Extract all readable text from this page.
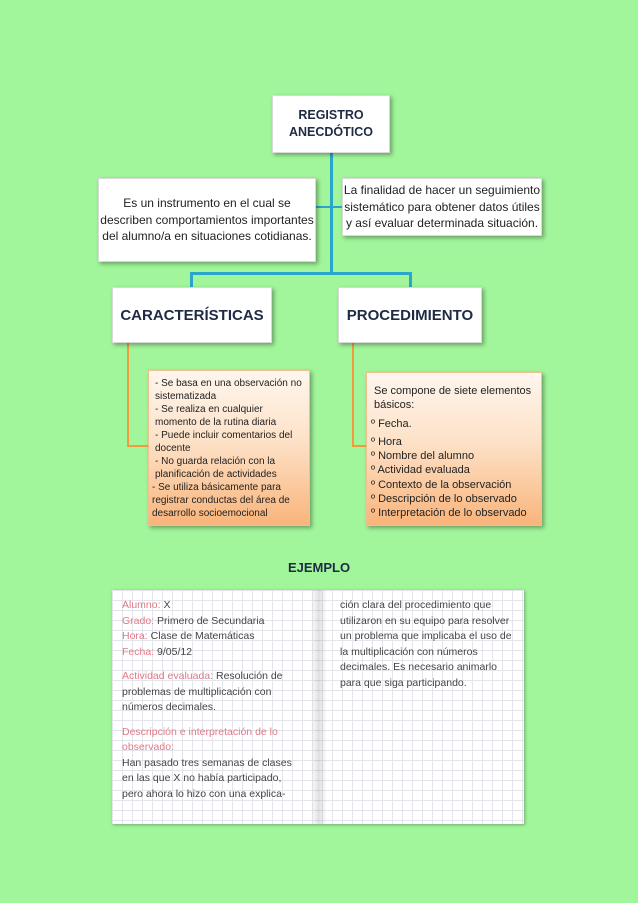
REGISTRO
ANECDÓTICO
Es un instrumento en el cual se describen comportamientos importantes del alumno/a en situaciones cotidianas.
La finalidad de hacer un seguimiento sistemático para obtener datos útiles y así evaluar determinada situación.
CARACTERÍSTICAS	PROCEDIMIENTO
- Se basa en una observación no sistematizada
- Se realiza en cualquier momento de la rutina diaria
- Puede incluir comentarios del docente
- No guarda relación con la planificación de actividades
- Se utiliza básicamente para registrar conductas del área de desarrollo socioemocional
Se compone de siete elementos básicos:
º Fecha.
º Hora
º Nombre del alumno
º Actividad evaluada
º Contexto de la observación
º Descripción de lo observado
º Interpretación de lo observado
EJEMPLO
Alumno: X
Grado: Primero de Secundaria
Hora: Clase de Matemáticas
Fecha: 9/05/12
Actividad evaluada: Resolución de problemas de multiplicación con números decimales.
Descripción e interpretación de lo observado:
Han pasado tres semanas de clases en las que X no había participado, pero ahora lo hizo con una explica-
ción clara del procedimiento que utilizaron en su equipo para resolver un problema que implicaba el uso de la multiplicación con números decimales. Es necesario animarlo para que siga participando.
